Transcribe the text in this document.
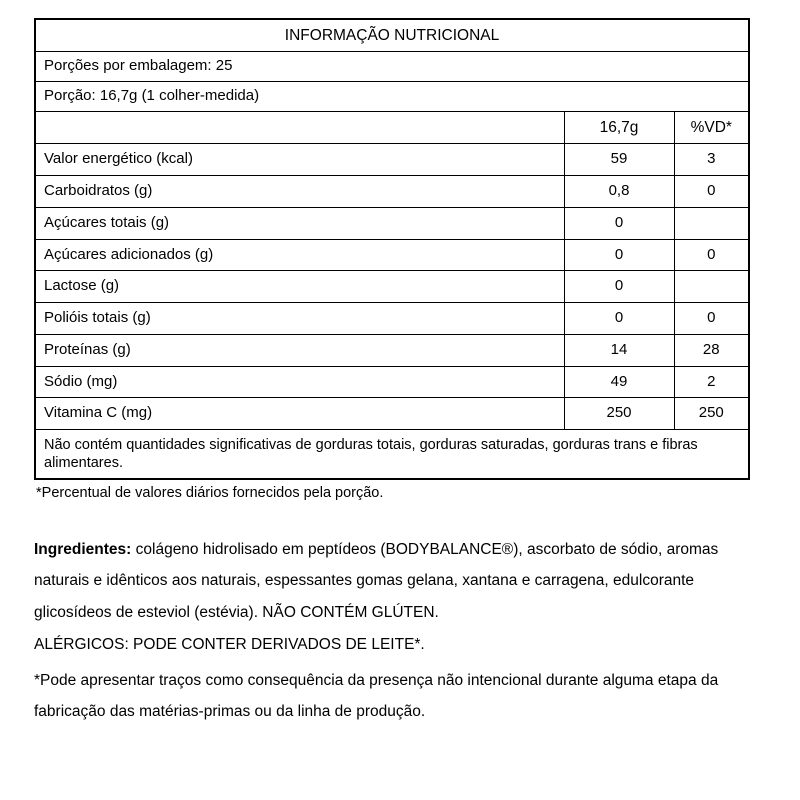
INFORMAÇÃO NUTRICIONAL		
Porções por embalagem: 25		
Porção: 16,7g (1 colher-medida)		
	16,7g	%VD*
Valor energético (kcal)	59	3
Carboidratos (g)	0,8	0
Açúcares totais (g)	0	
Açúcares adicionados (g)	0	0
Lactose (g)	0	
Polióis totais (g)	0	0
Proteínas (g)	14	28
Sódio (mg)	49	2
Vitamina C (mg)	250	250
Não contém quantidades significativas de gorduras totais, gorduras saturadas, gorduras trans e fibras alimentares.		

*Percentual de valores diários fornecidos pela porção.

Ingredientes: colágeno hidrolisado em peptídeos (BODYBALANCE®), ascorbato de sódio, aromas naturais e idênticos aos naturais, espessantes gomas gelana, xantana e carragena, edulcorante glicosídeos de esteviol (estévia). NÃO CONTÉM GLÚTEN.

ALÉRGICOS: PODE CONTER DERIVADOS DE LEITE*.

*Pode apresentar traços como consequência da presença não intencional durante alguma etapa da fabricação das matérias-primas ou da linha de produção.
